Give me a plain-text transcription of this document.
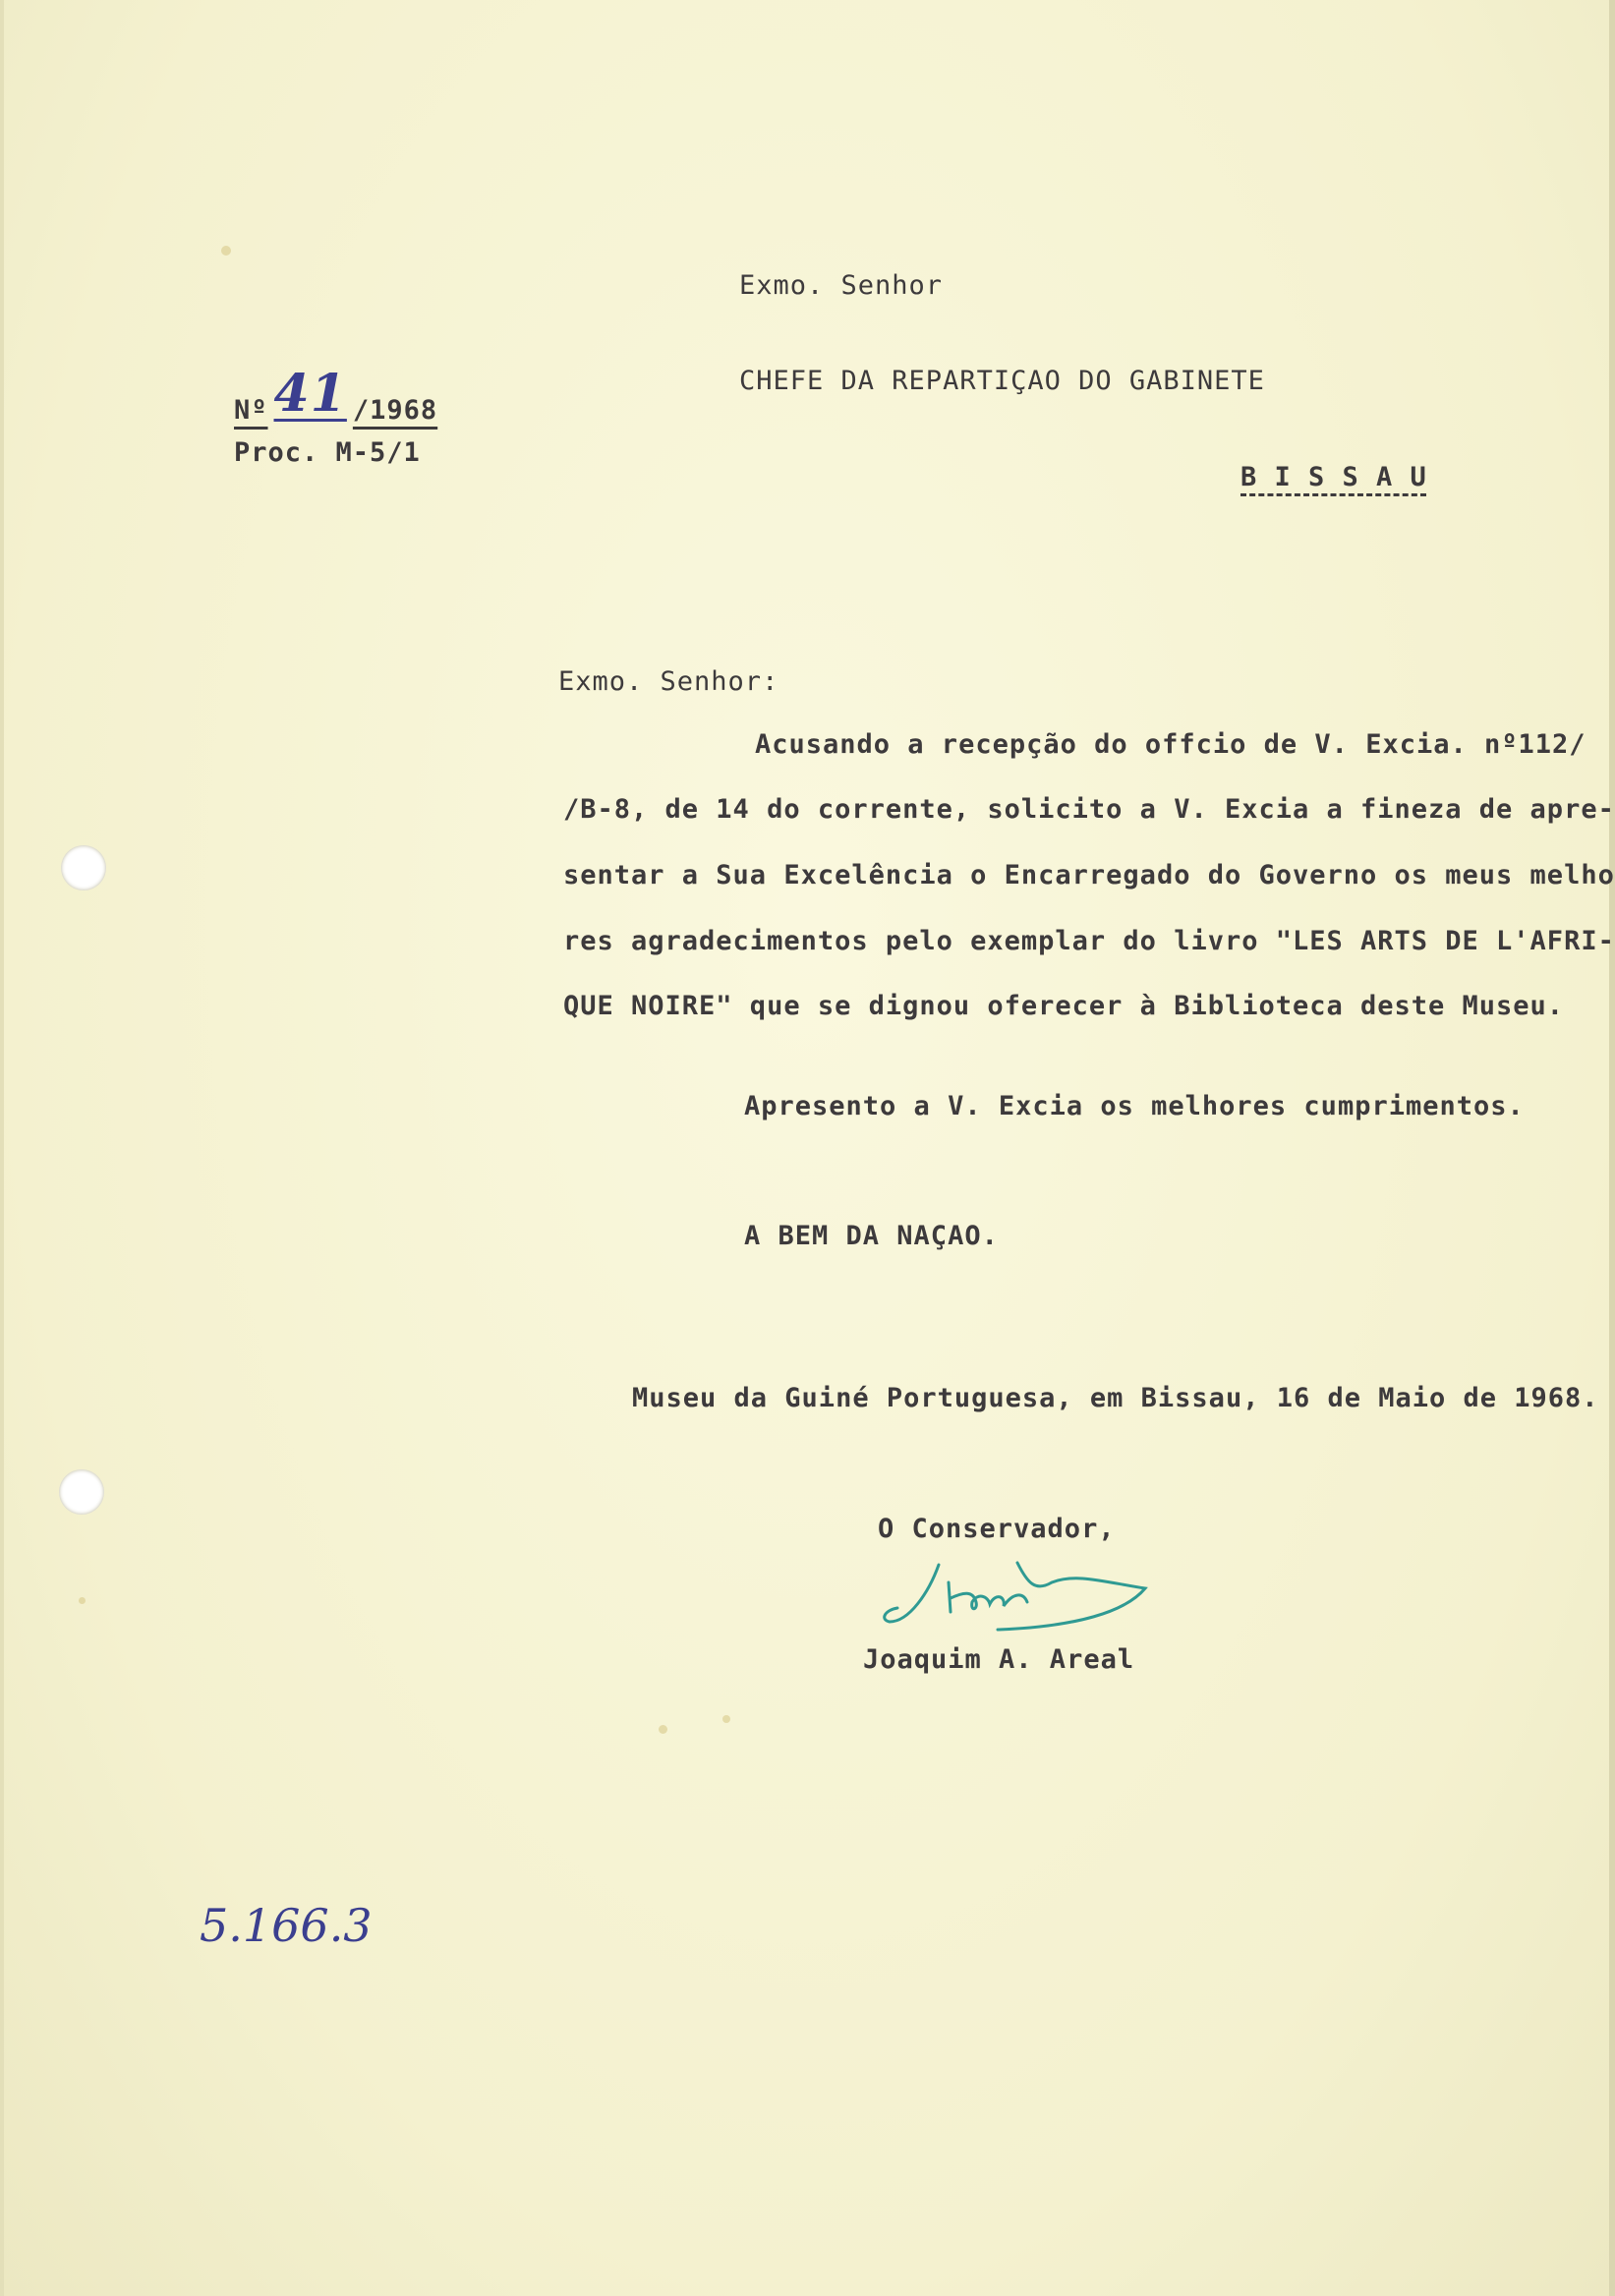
Exmo. Senhor
Nº 41 /1968
CHEFE DA REPARTIÇAO DO GABINETE
Proc. M-5/1
B I S S A U
Exmo. Senhor:
Acusando a recepção do offcio de V. Excia. nº112/
/B-8, de 14 do corrente, solicito a V. Excia a fineza de apre-
sentar a Sua Excelência o Encarregado do Governo os meus melho
res agradecimentos pelo exemplar do livro "LES ARTS DE L'AFRI-
QUE NOIRE" que se dignou oferecer à Biblioteca deste Museu.
Apresento a V. Excia os melhores cumprimentos.
A BEM DA NAÇAO.
Museu da Guiné Portuguesa, em Bissau, 16 de Maio de 1968.
O Conservador,
Joaquim A. Areal
5.166.3
